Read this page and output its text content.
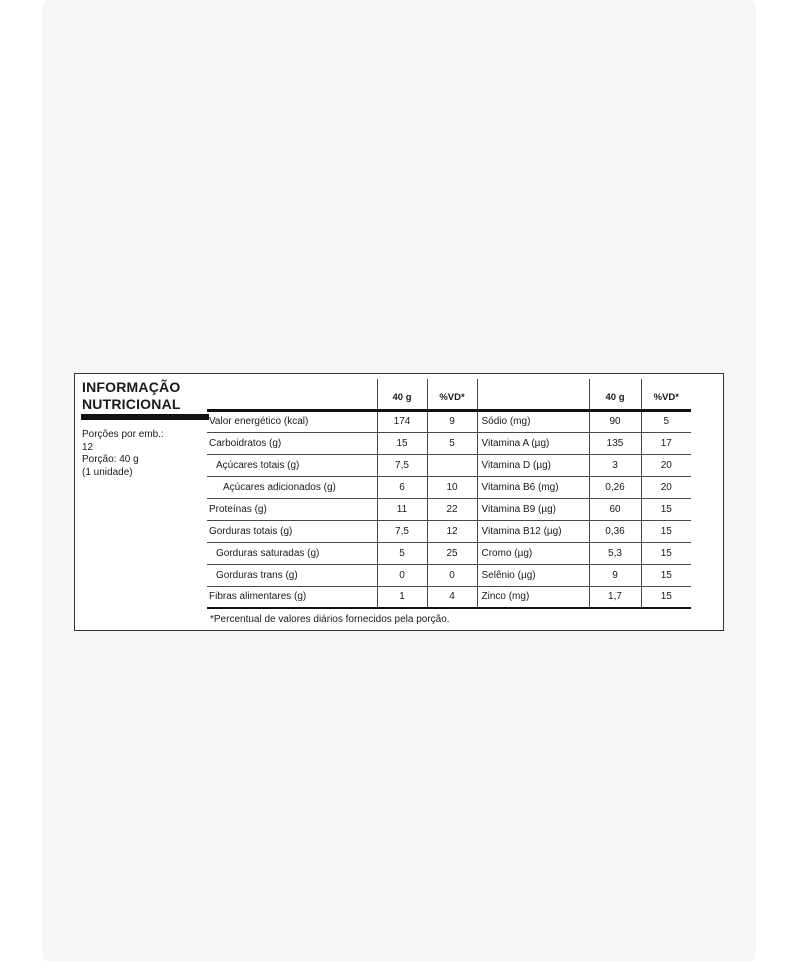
INFORMAÇÃO
NUTRICIONAL
Porções por emb.:
12
Porção: 40 g
(1 unidade)
	40 g	%VD*		40 g	%VD*
Valor energético (kcal)	174	9	Sódio (mg)	90	5
Carboidratos (g)	15	5	Vitamina A (µg)	135	17
Açúcares totais (g)	7,5		Vitamina D (µg)	3	20
Açúcares adicionados (g)	6	10	Vitamina B6 (mg)	0,26	20
Proteínas (g)	11	22	Vitamina B9 (µg)	60	15
Gorduras totais (g)	7,5	12	Vitamina B12 (µg)	0,36	15
Gorduras saturadas (g)	5	25	Cromo (µg)	5,3	15
Gorduras trans (g)	0	0	Selênio (µg)	9	15
Fibras alimentares (g)	1	4	Zinco (mg)	1,7	15
*Percentual de valores diários fornecidos pela porção.
